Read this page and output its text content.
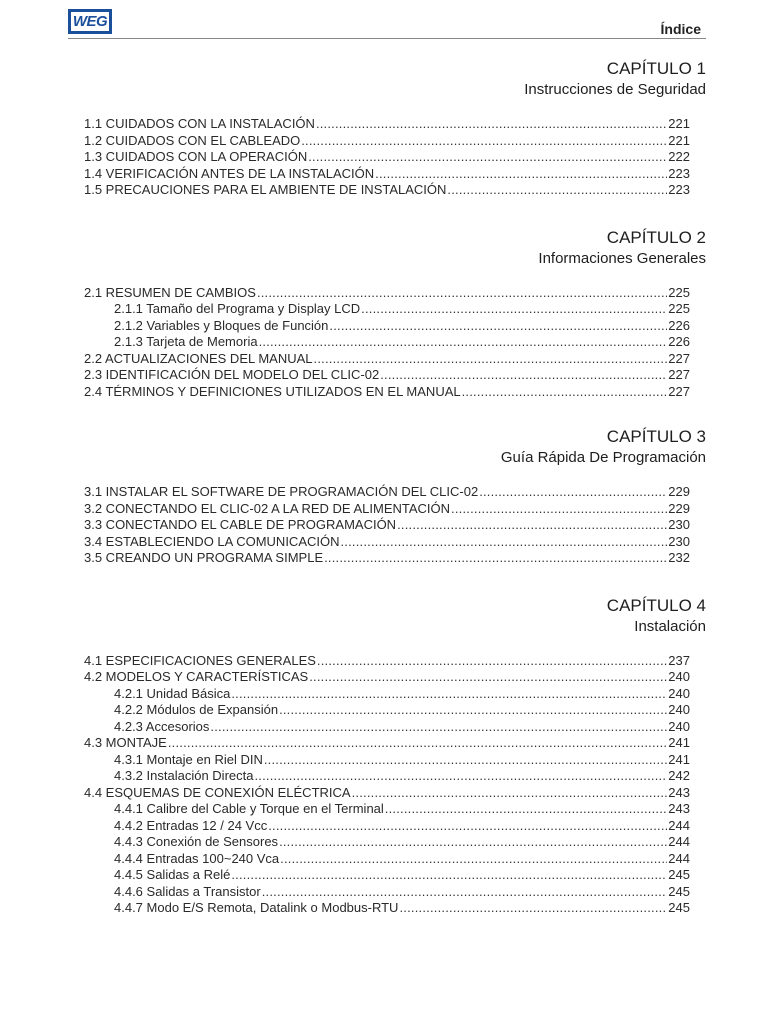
WEG	Índice
CAPÍTULO 1
Instrucciones de Seguridad
1.1 CUIDADOS CON LA INSTALACIÓN .....	221
1.2 CUIDADOS CON EL CABLEADO .....	221
1.3 CUIDADOS CON LA OPERACIÓN .....	222
1.4 VERIFICACIÓN ANTES DE LA INSTALACIÓN .....	223
1.5 PRECAUCIONES PARA EL AMBIENTE DE INSTALACIÓN .....	223
CAPÍTULO 2
Informaciones Generales
2.1 RESUMEN DE CAMBIOS .....	225
2.1.1 Tamaño del Programa y Display LCD .....	225
2.1.2 Variables y Bloques de Función .....	226
2.1.3 Tarjeta de Memoria .....	226
2.2 ACTUALIZACIONES DEL MANUAL .....	227
2.3 IDENTIFICACIÓN DEL MODELO DEL CLIC-02 .....	227
2.4 TÉRMINOS Y DEFINICIONES UTILIZADOS EN EL MANUAL .....	227
CAPÍTULO 3
Guía Rápida De Programación
3.1 INSTALAR EL SOFTWARE DE PROGRAMACIÓN DEL CLIC-02 .....	229
3.2 CONECTANDO EL CLIC-02 A LA RED DE ALIMENTACIÓN .....	229
3.3 CONECTANDO EL CABLE DE PROGRAMACIÓN .....	230
3.4 ESTABLECIENDO LA COMUNICACIÓN .....	230
3.5 CREANDO UN PROGRAMA SIMPLE .....	232
CAPÍTULO 4
Instalación
4.1 ESPECIFICACIONES GENERALES .....	237
4.2 MODELOS Y CARACTERÍSTICAS .....	240
4.2.1 Unidad Básica .....	240
4.2.2 Módulos de Expansión .....	240
4.2.3 Accesorios .....	240
4.3 MONTAJE .....	241
4.3.1 Montaje en Riel DIN .....	241
4.3.2 Instalación Directa .....	242
4.4 ESQUEMAS DE CONEXIÓN ELÉCTRICA .....	243
4.4.1 Calibre del Cable y Torque en el Terminal .....	243
4.4.2 Entradas 12 / 24 Vcc .....	244
4.4.3 Conexión de Sensores .....	244
4.4.4 Entradas 100~240 Vca .....	244
4.4.5 Salidas a Relé .....	245
4.4.6 Salidas a Transistor .....	245
4.4.7 Modo E/S Remota, Datalink o Modbus-RTU .....	245
